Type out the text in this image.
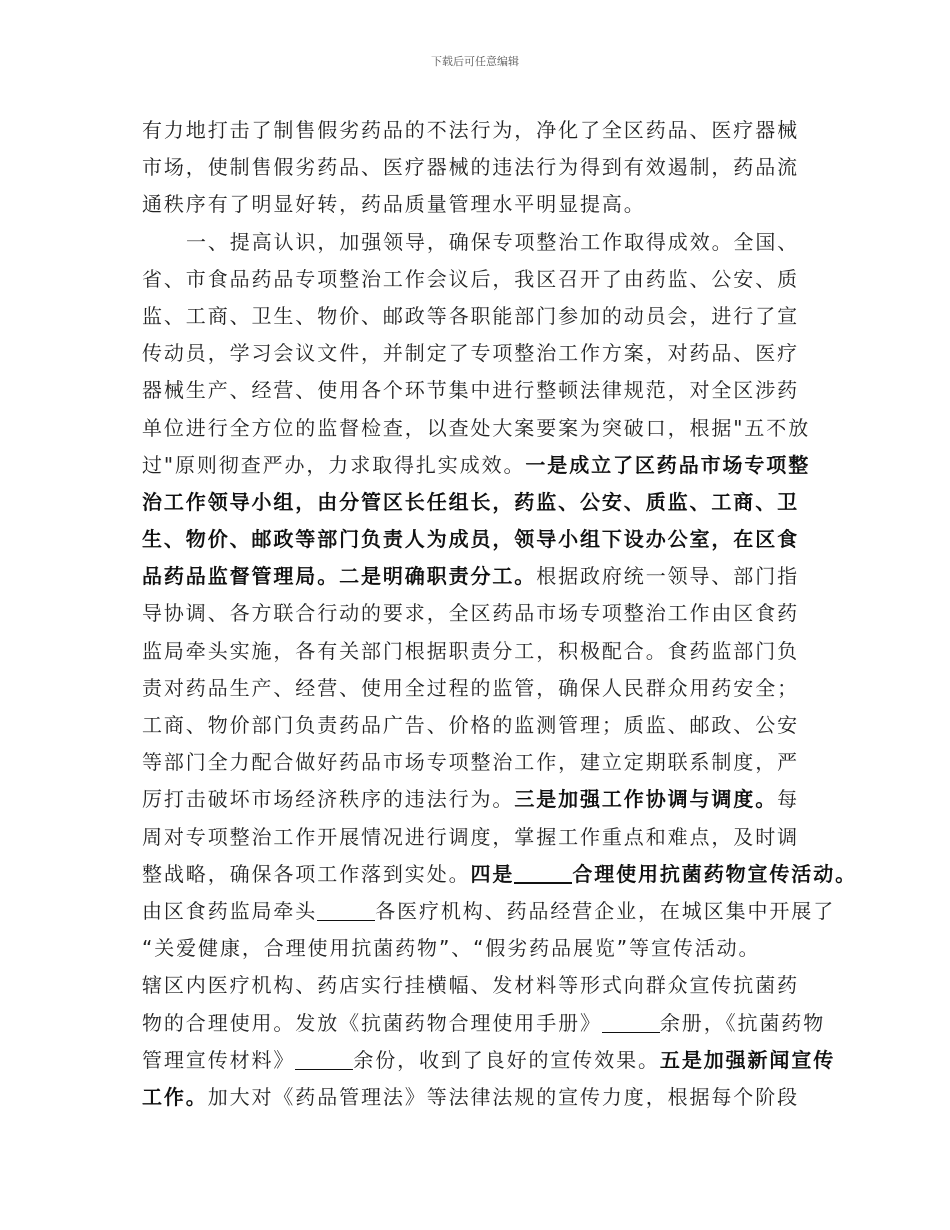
下载后可任意编辑
有力地打击了制售假劣药品的不法行为，净化了全区药品、医疗器械
市场，使制售假劣药品、医疗器械的违法行为得到有效遏制，药品流
通秩序有了明显好转，药品质量管理水平明显提高。
一、提高认识，加强领导，确保专项整治工作取得成效。全国、
省、市食品药品专项整治工作会议后，我区召开了由药监、公安、质
监、工商、卫生、物价、邮政等各职能部门参加的动员会，进行了宣
传动员，学习会议文件，并制定了专项整治工作方案，对药品、医疗
器械生产、经营、使用各个环节集中进行整顿法律规范，对全区涉药
单位进行全方位的监督检查，以查处大案要案为突破口，根据"五不放
过"原则彻查严办，力求取得扎实成效。一是成立了区药品市场专项整
治工作领导小组，由分管区长任组长，药监、公安、质监、工商、卫
生、物价、邮政等部门负责人为成员，领导小组下设办公室，在区食
品药品监督管理局。二是明确职责分工。根据政府统一领导、部门指
导协调、各方联合行动的要求，全区药品市场专项整治工作由区食药
监局牵头实施，各有关部门根据职责分工，积极配合。食药监部门负
责对药品生产、经营、使用全过程的监管，确保人民群众用药安全；
工商、物价部门负责药品广告、价格的监测管理；质监、邮政、公安
等部门全力配合做好药品市场专项整治工作，建立定期联系制度，严
厉打击破坏市场经济秩序的违法行为。三是加强工作协调与调度。每
周对专项整治工作开展情况进行调度，掌握工作重点和难点，及时调
整战略，确保各项工作落到实处。四是	合理使用抗菌药物宣传活动。
由区食药监局牵头	各医疗机构、药品经营企业，在城区集中开展了
“关爱健康，合理使用抗菌药物”、“假劣药品展览”等宣传活动。
辖区内医疗机构、药店实行挂横幅、发材料等形式向群众宣传抗菌药
物的合理使用。发放《抗菌药物合理使用手册》	余册，《抗菌药物
管理宣传材料》	余份，收到了良好的宣传效果。五是加强新闻宣传
工作。加大对《药品管理法》等法律法规的宣传力度，根据每个阶段
